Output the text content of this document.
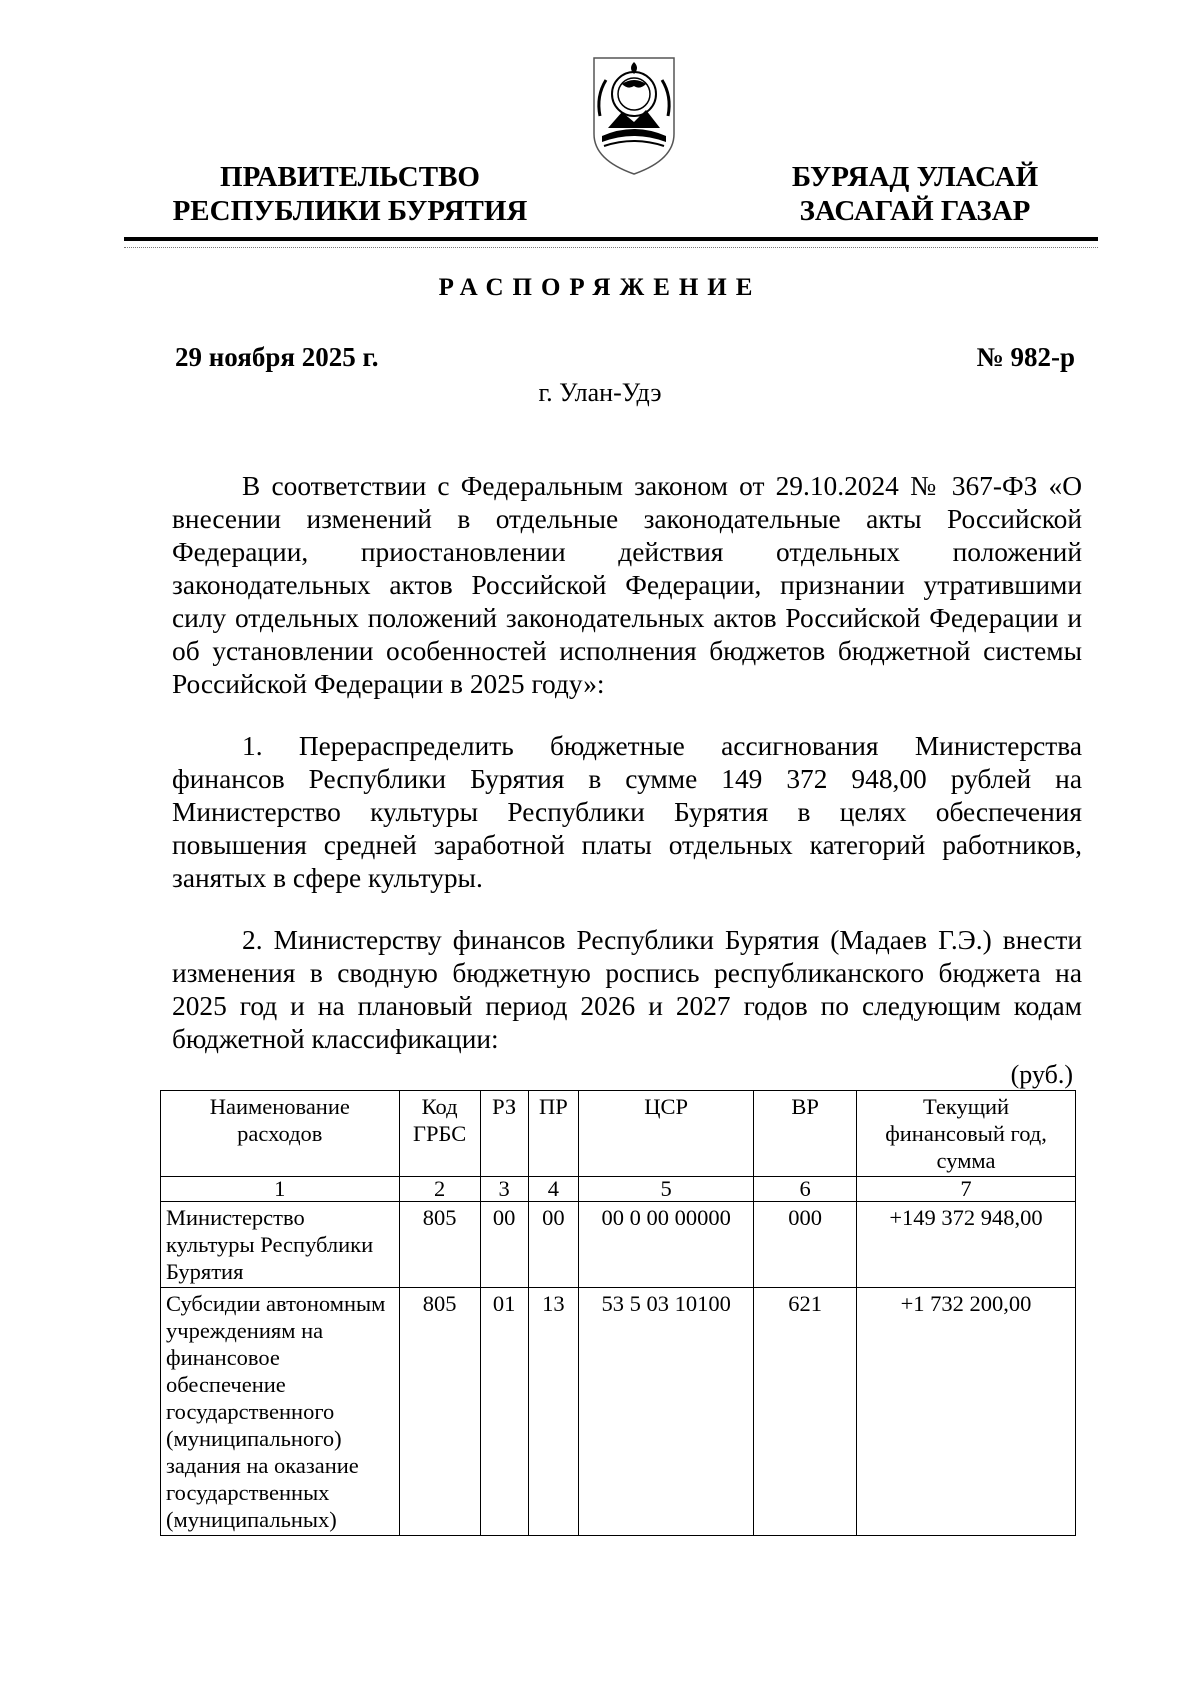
ПРАВИТЕЛЬСТВО
РЕСПУБЛИКИ БУРЯТИЯ
БУРЯАД УЛАСАЙ
ЗАСАГАЙ ГАЗАР
РАСПОРЯЖЕНИЕ
29 ноября 2025 г.	№ 982-р
г. Улан-Удэ

В соответствии с Федеральным законом от 29.10.2024 № 367-ФЗ «О внесении изменений в отдельные законодательные акты Российской Федерации, приостановлении действия отдельных положений законодательных актов Российской Федерации, признании утратившими силу отдельных положений законодательных актов Российской Федерации и об установлении особенностей исполнения бюджетов бюджетной системы Российской Федерации в 2025 году»:

1. Перераспределить бюджетные ассигнования Министерства финансов Республики Бурятия в сумме 149 372 948,00 рублей на Министерство культуры Республики Бурятия в целях обеспечения повышения средней заработной платы отдельных категорий работников, занятых в сфере культуры.

2. Министерству финансов Республики Бурятия (Мадаев Г.Э.) внести изменения в сводную бюджетную роспись республиканского бюджета на 2025 год и на плановый период 2026 и 2027 годов по следующим кодам бюджетной классификации:

(руб.)
Наименование расходов	Код ГРБС	РЗ	ПР	ЦСР	ВР	Текущий финансовый год, сумма
1	2	3	4	5	6	7
Министерство культуры Республики Бурятия	805	00	00	00 0 00 00000	000	+149 372 948,00
Субсидии автономным учреждениям на финансовое обеспечение государственного (муниципального) задания на оказание государственных (муниципальных)	805	01	13	53 5 03 10100	621	+1 732 200,00
